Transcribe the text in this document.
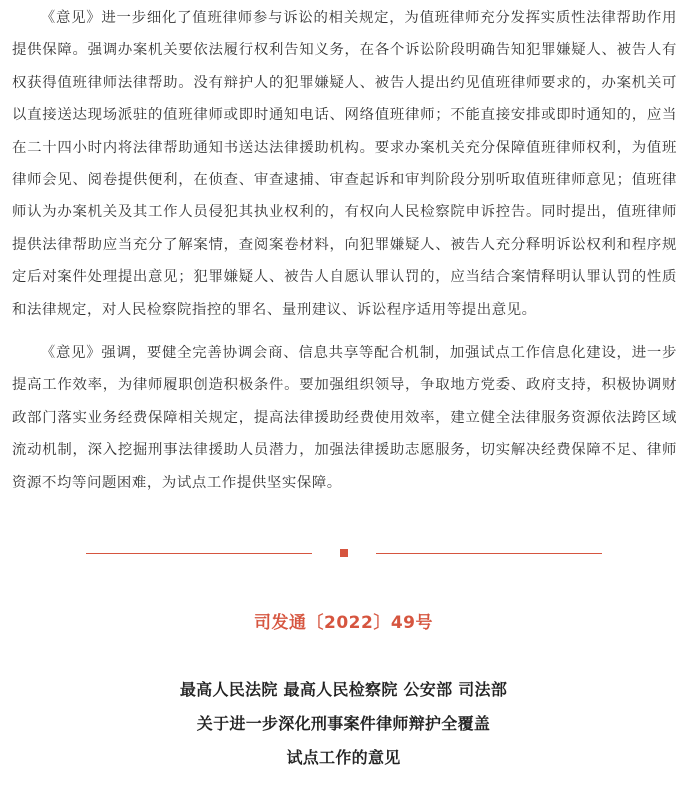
《意见》进一步细化了值班律师参与诉讼的相关规定，为值班律师充分发挥实质性法律帮助作用提供保障。强调办案机关要依法履行权利告知义务，在各个诉讼阶段明确告知犯罪嫌疑人、被告人有权获得值班律师法律帮助。没有辩护人的犯罪嫌疑人、被告人提出约见值班律师要求的，办案机关可以直接送达现场派驻的值班律师或即时通知电话、网络值班律师；不能直接安排或即时通知的，应当在二十四小时内将法律帮助通知书送达法律援助机构。要求办案机关充分保障值班律师权利，为值班律师会见、阅卷提供便利，在侦查、审查逮捕、审查起诉和审判阶段分别听取值班律师意见；值班律师认为办案机关及其工作人员侵犯其执业权利的，有权向人民检察院申诉控告。同时提出，值班律师提供法律帮助应当充分了解案情，查阅案卷材料，向犯罪嫌疑人、被告人充分释明诉讼权利和程序规定后对案件处理提出意见；犯罪嫌疑人、被告人自愿认罪认罚的，应当结合案情释明认罪认罚的性质和法律规定，对人民检察院指控的罪名、量刑建议、诉讼程序适用等提出意见。

《意见》强调，要健全完善协调会商、信息共享等配合机制，加强试点工作信息化建设，进一步提高工作效率，为律师履职创造积极条件。要加强组织领导，争取地方党委、政府支持，积极协调财政部门落实业务经费保障相关规定，提高法律援助经费使用效率，建立健全法律服务资源依法跨区域流动机制，深入挖掘刑事法律援助人员潜力，加强法律援助志愿服务，切实解决经费保障不足、律师资源不均等问题困难，为试点工作提供坚实保障。

司发通〔2022〕49号
最高人民法院 最高人民检察院 公安部 司法部
关于进一步深化刑事案件律师辩护全覆盖
试点工作的意见
